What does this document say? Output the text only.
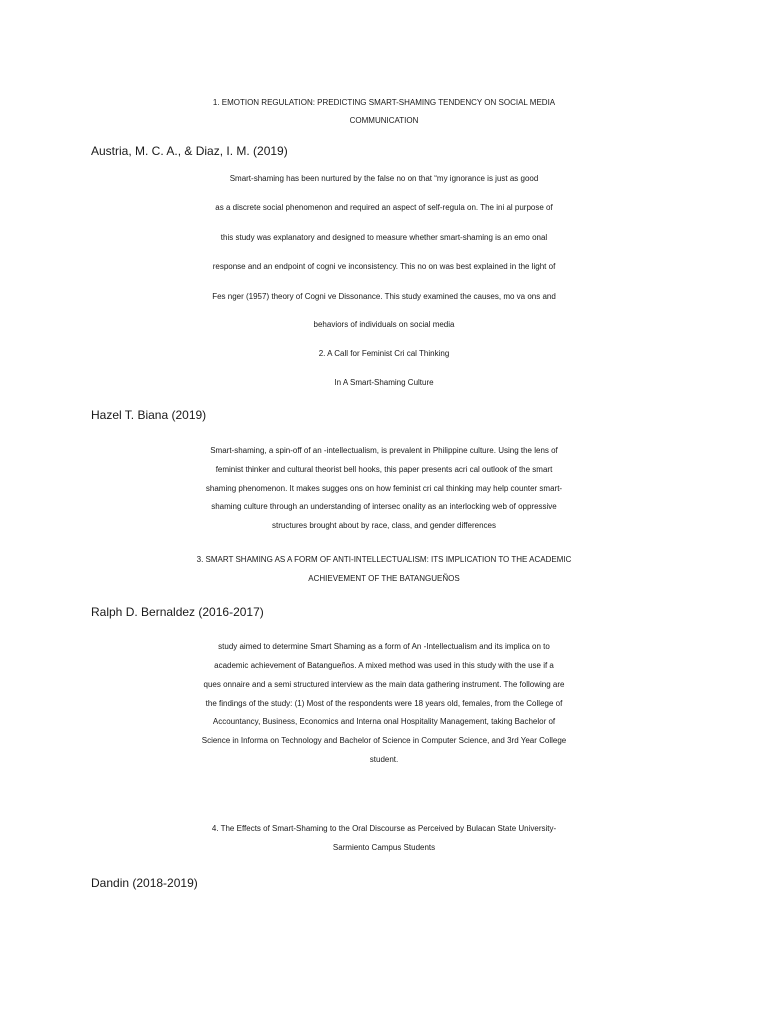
1. EMOTION REGULATION: PREDICTING SMART-SHAMING TENDENCY ON SOCIAL MEDIA
COMMUNICATION
Austria, M. C. A., & Diaz, I. M. (2019)
Smart-shaming has been nurtured by the false no on that “my ignorance is just as good
as a discrete social phenomenon and required an aspect of self-regula on. The ini al purpose of
this study was explanatory and designed to measure whether smart-shaming is an emo onal
response and an endpoint of cogni ve inconsistency. This no on was best explained in the light of
Fes nger (1957) theory of Cogni ve Dissonance. This study examined the causes, mo va ons and
behaviors of individuals on social media
2. A Call for Feminist Cri cal Thinking
In A Smart-Shaming Culture
Hazel T. Biana (2019)
Smart-shaming, a spin-off of an -intellectualism, is prevalent in Philippine culture. Using the lens of
feminist thinker and cultural theorist bell hooks, this paper presents acri cal outlook of the smart
shaming phenomenon. It makes sugges ons on how feminist cri cal thinking may help counter smart-
shaming culture through an understanding of intersec onality as an interlocking web of oppressive
structures brought about by race, class, and gender differences
3. SMART SHAMING AS A FORM OF ANTI-INTELLECTUALISM: ITS IMPLICATION TO THE ACADEMIC
ACHIEVEMENT OF THE BATANGUEÑOS
Ralph D. Bernaldez (2016-2017)
study aimed to determine Smart Shaming as a form of An -Intellectualism and its implica on to
academic achievement of Batangueños. A mixed method was used in this study with the use if a
ques onnaire and a semi structured interview as the main data gathering instrument. The following are
the findings of the study: (1) Most of the respondents were 18 years old, females, from the College of
Accountancy, Business, Economics and Interna onal Hospitality Management, taking Bachelor of
Science in Informa on Technology and Bachelor of Science in Computer Science, and 3rd Year College
student.
4. The Effects of Smart-Shaming to the Oral Discourse as Perceived by Bulacan State University-
Sarmiento Campus Students
Dandin (2018-2019)
